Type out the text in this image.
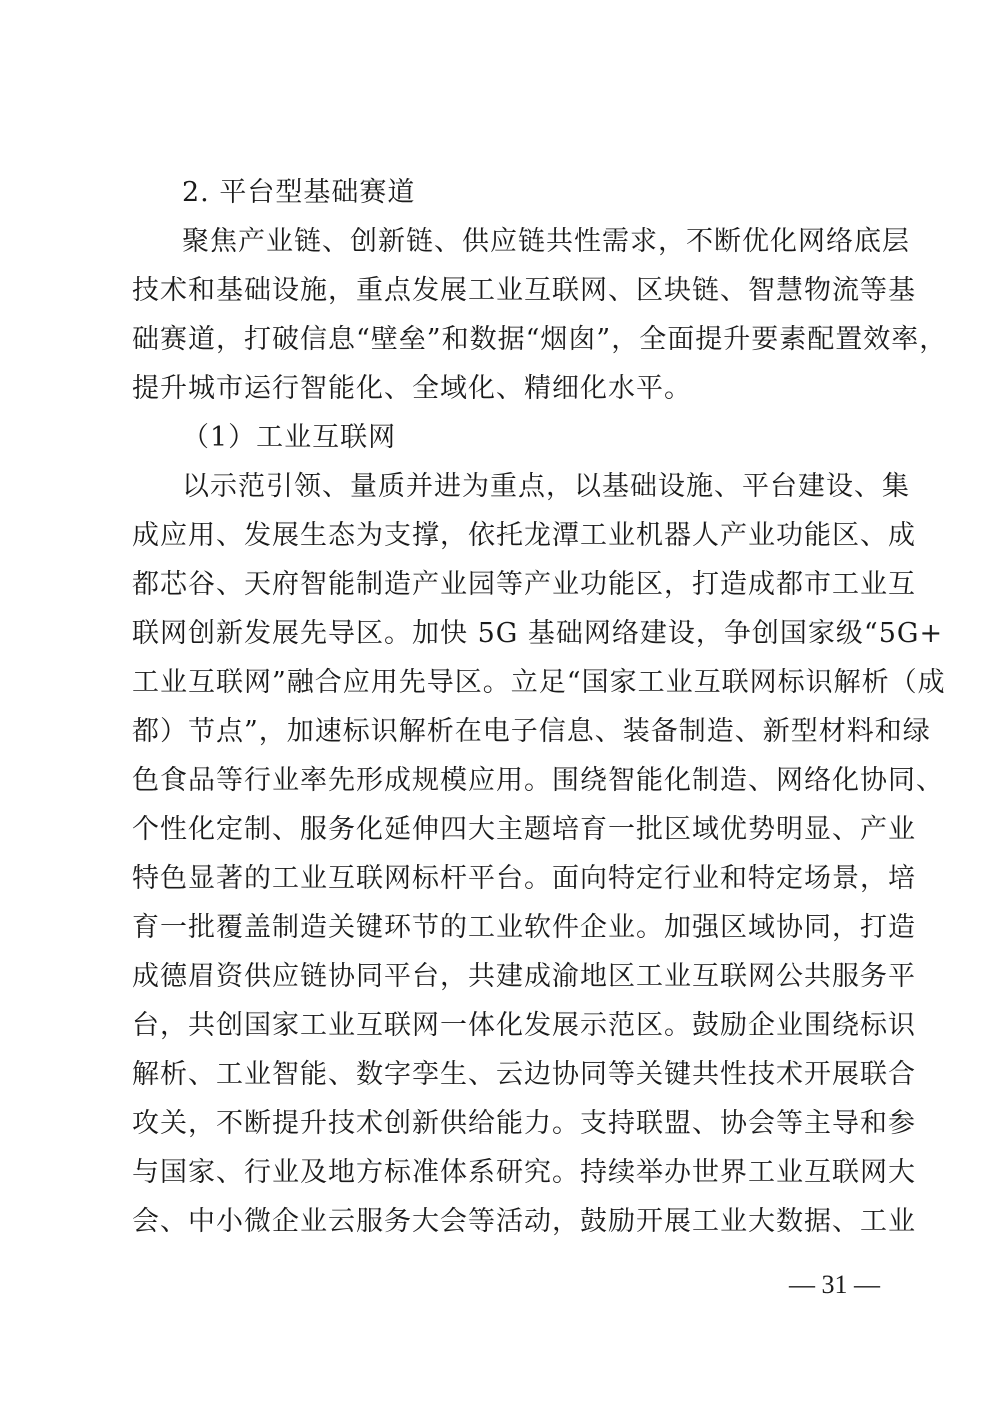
2. 平台型基础赛道
聚焦产业链、创新链、供应链共性需求，不断优化网络底层
技术和基础设施，重点发展工业互联网、区块链、智慧物流等基
础赛道，打破信息“壁垒”和数据“烟囱”，全面提升要素配置效率，
提升城市运行智能化、全域化、精细化水平。
（1）工业互联网
以示范引领、量质并进为重点，以基础设施、平台建设、集
成应用、发展生态为支撑，依托龙潭工业机器人产业功能区、成
都芯谷、天府智能制造产业园等产业功能区，打造成都市工业互
联网创新发展先导区。加快 5G 基础网络建设，争创国家级“5G+
工业互联网”融合应用先导区。立足“国家工业互联网标识解析（成
都）节点”，加速标识解析在电子信息、装备制造、新型材料和绿
色食品等行业率先形成规模应用。围绕智能化制造、网络化协同、
个性化定制、服务化延伸四大主题培育一批区域优势明显、产业
特色显著的工业互联网标杆平台。面向特定行业和特定场景，培
育一批覆盖制造关键环节的工业软件企业。加强区域协同，打造
成德眉资供应链协同平台，共建成渝地区工业互联网公共服务平
台，共创国家工业互联网一体化发展示范区。鼓励企业围绕标识
解析、工业智能、数字孪生、云边协同等关键共性技术开展联合
攻关，不断提升技术创新供给能力。支持联盟、协会等主导和参
与国家、行业及地方标准体系研究。持续举办世界工业互联网大
会、中小微企业云服务大会等活动，鼓励开展工业大数据、工业
— 31 —
